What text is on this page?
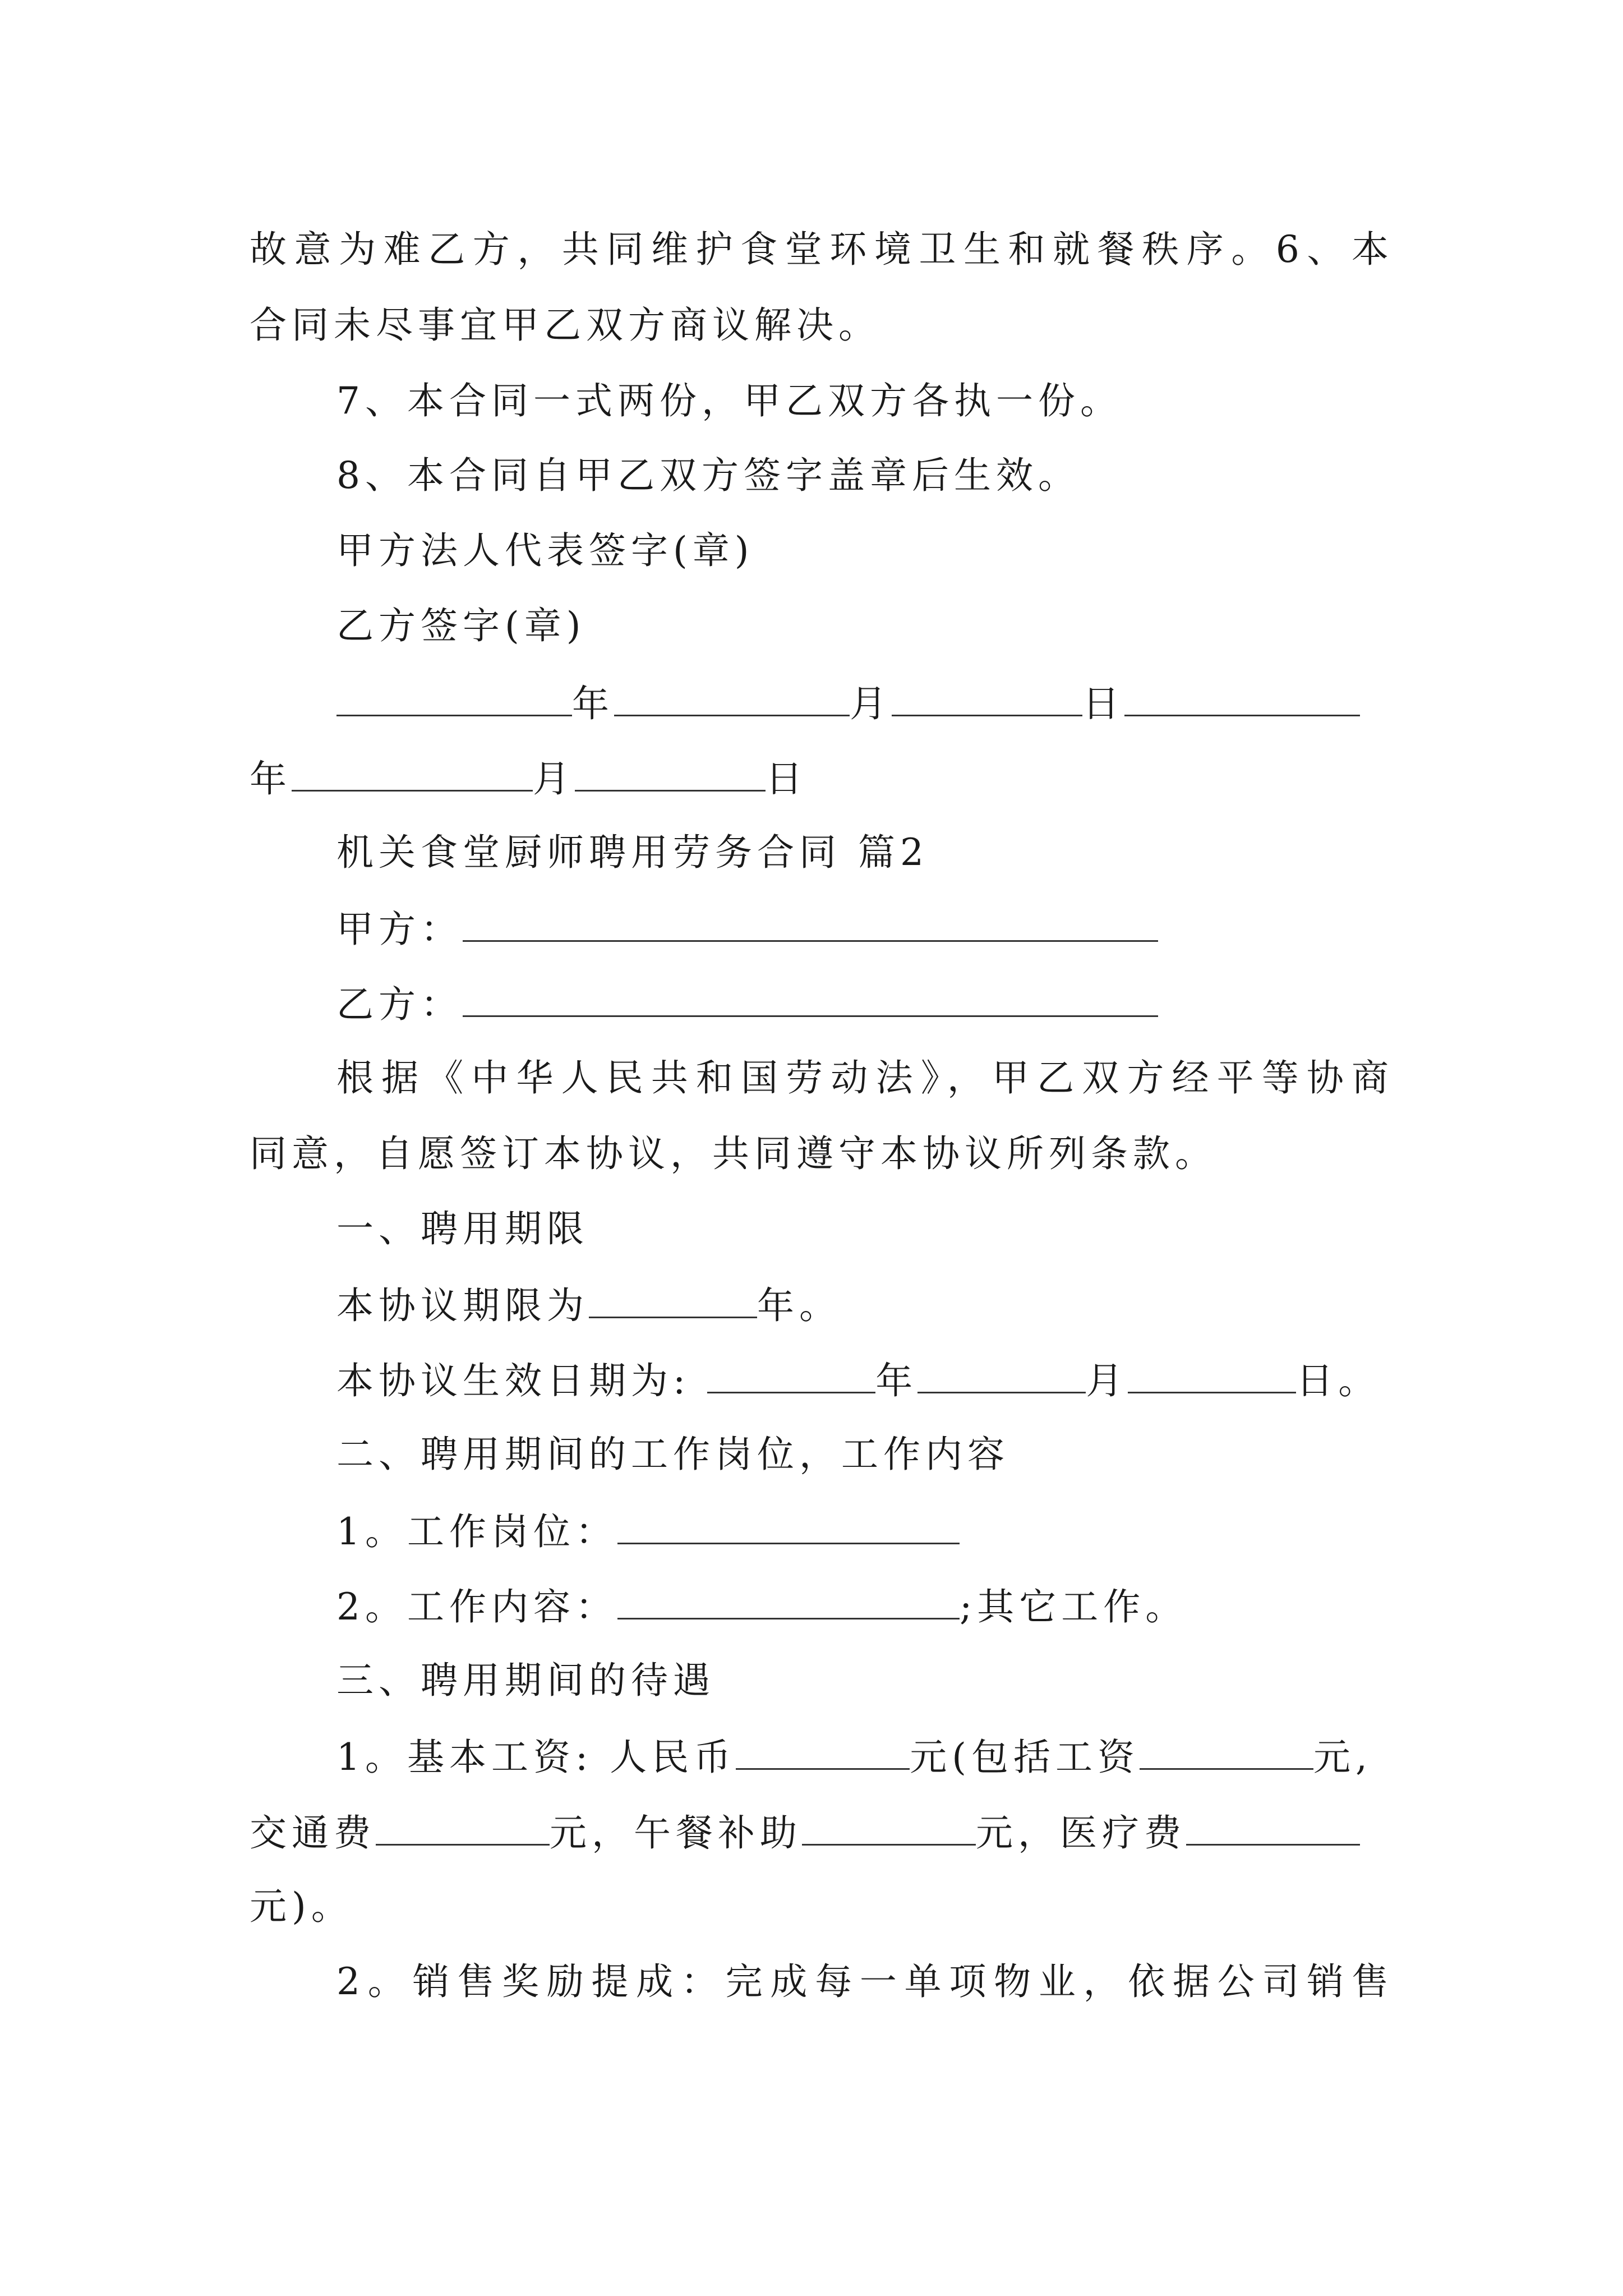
故意为难乙方，共同维护食堂环境卫生和就餐秩序。6、本
合同未尽事宜甲乙双方商议解决。
7、本合同一式两份，甲乙双方各执一份。
8、本合同自甲乙双方签字盖章后生效。
甲方法人代表签字(章)
乙方签字(章)
年	月	日
年	月	日
机关食堂厨师聘用劳务合同 篇2
甲方：
乙方：
根据《中华人民共和国劳动法》，甲乙双方经平等协商
同意，自愿签订本协议，共同遵守本协议所列条款。
一、聘用期限
本协议期限为	年。
本协议生效日期为:	年	月	日。
二、聘用期间的工作岗位，工作内容
1。工作岗位：
2。工作内容：	;其它工作。
三、聘用期间的待遇
1。基本工资: 人民币	元(包括工资	元,
交通费	元，午餐补助	元，医疗费
元)。
2。销售奖励提成：完成每一单项物业，依据公司销售
